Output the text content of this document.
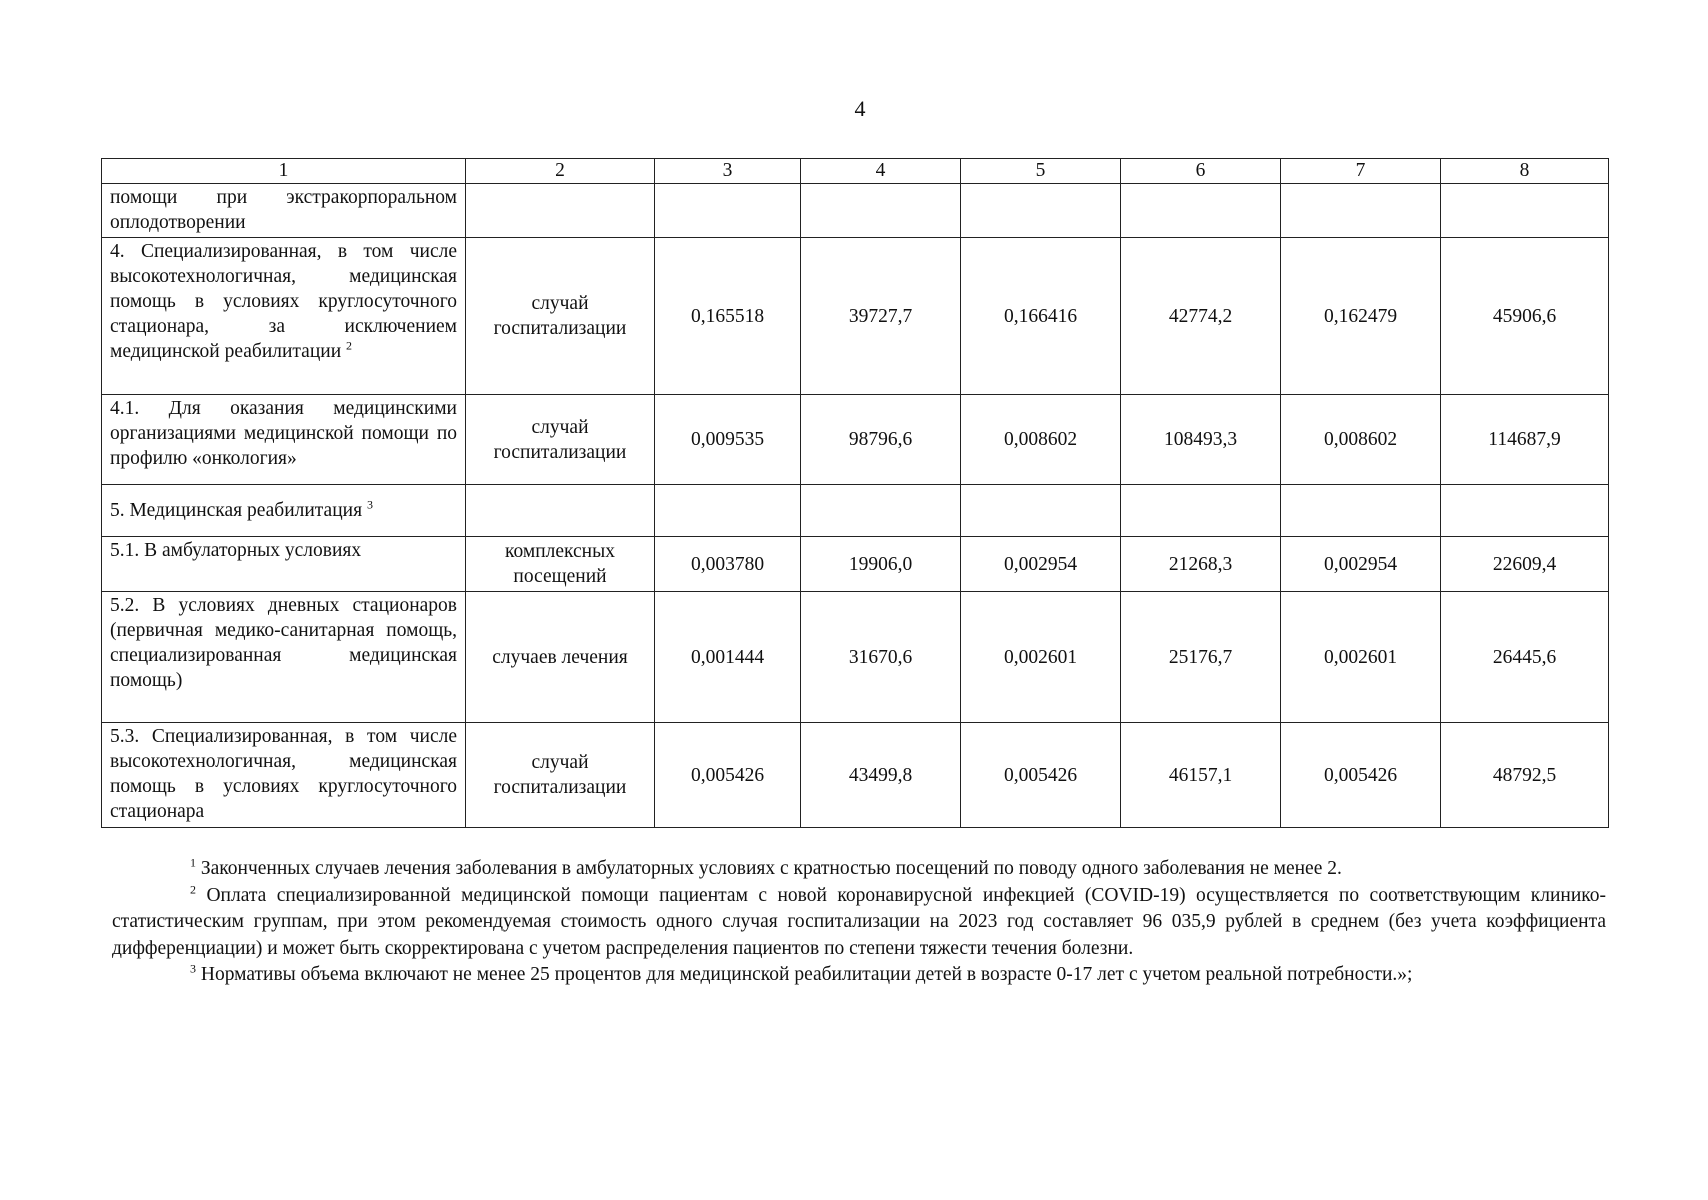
4
1	2	3	4	5	6	7	8
помощи при экстракорпоральном оплодотворении							
4. Специализированная, в том числе высокотехнологичная, медицинская помощь в условиях круглосуточного стационара, за исключением медицинской реабилитации $^2$	случай госпитализации	0,165518	39727,7	0,166416	42774,2	0,162479	45906,6
4.1. Для оказания медицинскими организациями медицинской помощи по профилю «онкология»	случай госпитализации	0,009535	98796,6	0,008602	108493,3	0,008602	114687,9
5. Медицинская реабилитация $^3$							
5.1. В амбулаторных условиях	комплексных посещений	0,003780	19906,0	0,002954	21268,3	0,002954	22609,4
5.2. В условиях дневных стационаров (первичная медико-санитарная помощь, специализированная медицинская помощь)	случаев лечения	0,001444	31670,6	0,002601	25176,7	0,002601	26445,6
5.3. Специализированная, в том числе высокотехнологичная, медицинская помощь в условиях круглосуточного стационара	случай госпитализации	0,005426	43499,8	0,005426	46157,1	0,005426	48792,5

$^1$ Законченных случаев лечения заболевания в амбулаторных условиях с кратностью посещений по поводу одного заболевания не менее 2.

$^2$ Оплата специализированной медицинской помощи пациентам с новой коронавирусной инфекцией (COVID-19) осуществляется по соответствующим клинико-статистическим группам, при этом рекомендуемая стоимость одного случая госпитализации на 2023 год составляет 96 035,9 рублей в среднем (без учета коэффициента дифференциации) и может быть скорректирована с учетом распределения пациентов по степени тяжести течения болезни.

$^3$ Нормативы объема включают не менее 25 процентов для медицинской реабилитации детей в возрасте 0-17 лет с учетом реальной потребности.»;
